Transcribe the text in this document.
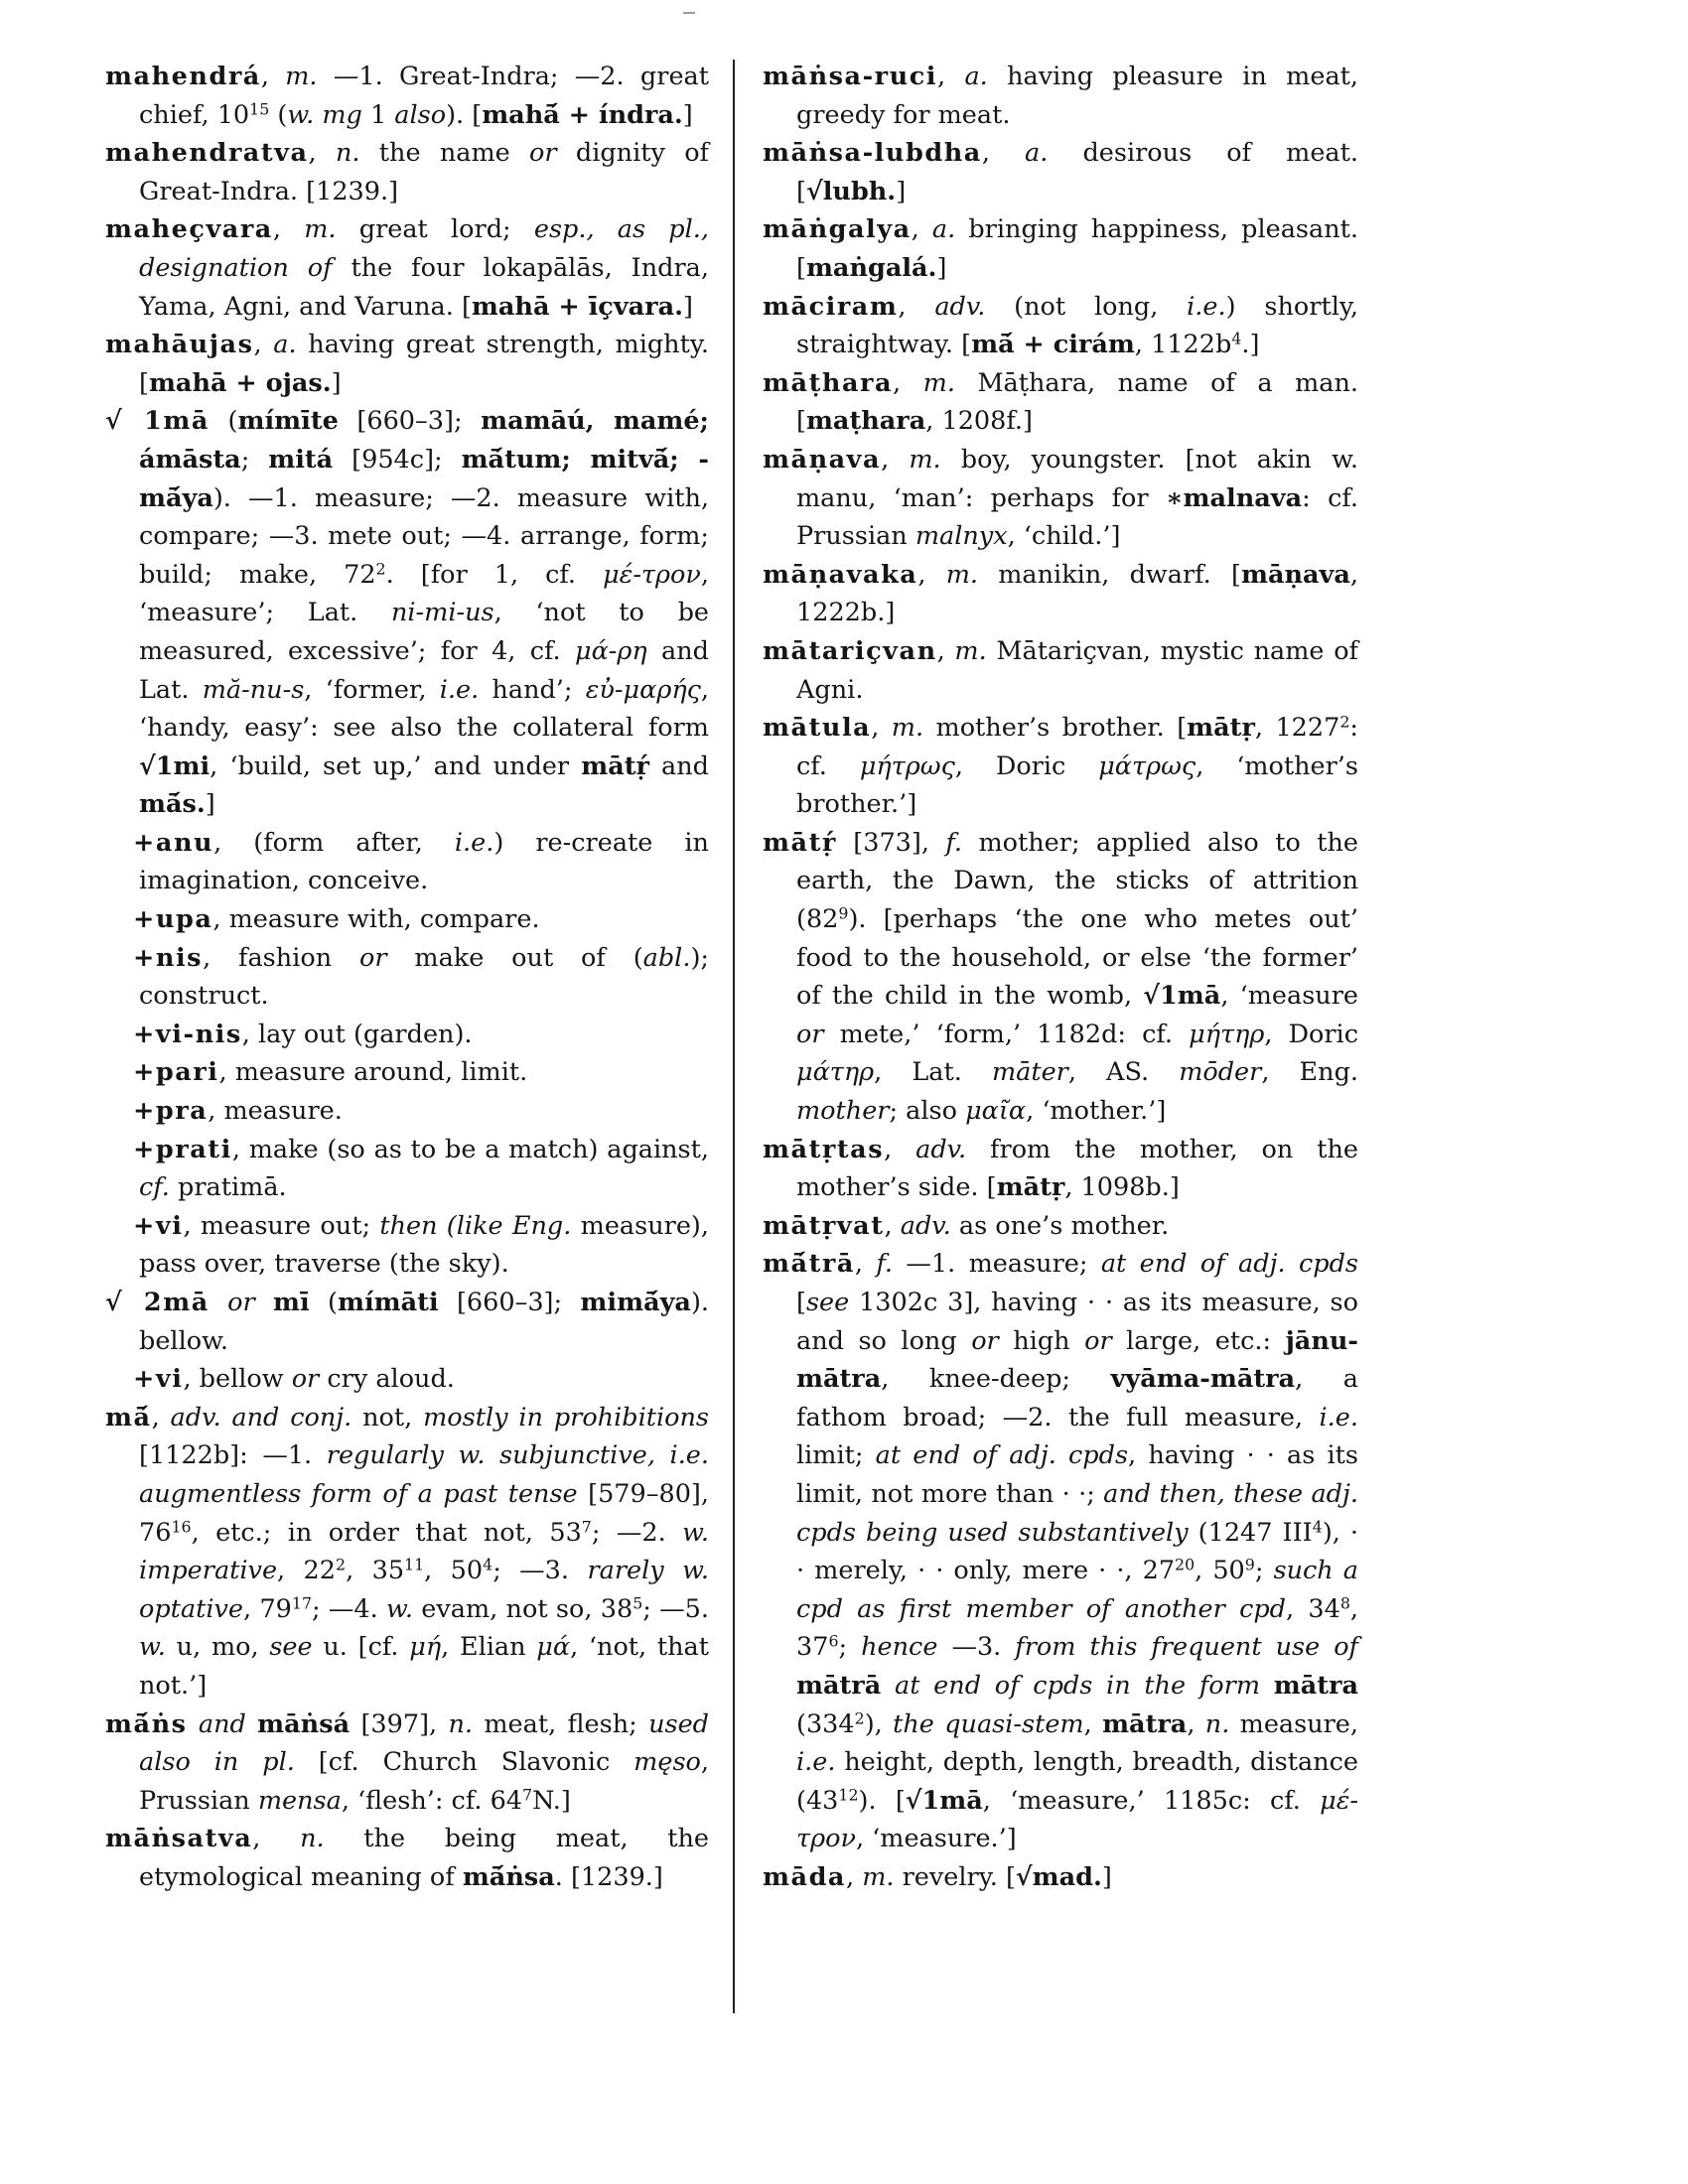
mahendrá, m. —1. Great-Indra; —2. great chief, $10^{15}$ (w. mg 1 also). [mahā́ + índra.]
mahendratva, n. the name or dignity of Great-Indra. [1239.]
maheçvara, m. great lord; esp., as pl., designation of the four lokapālās, Indra, Yama, Agni, and Varuna. [mahā + īçvara.]
mahāujas, a. having great strength, mighty. [mahā + ojas.]
√ 1mā (mímīte [660–3]; mamāú, mamé; ámāsta; mitá [954c]; mā́tum; mitvā́; -mā́ya). —1. measure; —2. measure with, compare; —3. mete out; —4. arrange, form; build; make, $72^2$. [for 1, cf. μέ-τρον, ‘measure’; Lat. ni-mi-us, ‘not to be measured, excessive’; for 4, cf. μά-ρη and Lat. mă-nu-s, ‘former, i.e. hand’; εὐ-μαρής, ‘handy, easy’: see also the collateral form √1mi, ‘build, set up,’ and under mātṛ́ and mā́s.]
+anu, (form after, i.e.) re-create in imagination, conceive.
+upa, measure with, compare.
+nis, fashion or make out of (abl.); construct.
+vi-nis, lay out (garden).
+pari, measure around, limit.
+pra, measure.
+prati, make (so as to be a match) against, cf. pratimā.
+vi, measure out; then (like Eng. measure), pass over, traverse (the sky).
√ 2mā or mī (mímāti [660–3]; mimā́ya). bellow.
+vi, bellow or cry aloud.
mā́, adv. and conj. not, mostly in prohibitions [1122b]: —1. regularly w. subjunctive, i.e. augmentless form of a past tense [579–80], $76^{16}$, etc.; in order that not, $53^7$; —2. w. imperative, $22^2$, $35^{11}$, $50^4$; —3. rarely w. optative, $79^{17}$; —4. w. evam, not so, $38^5$; —5. w. u, mo, see u. [cf. μή, Elian μά, ‘not, that not.’]
mā́ṅs and māṅsá [397], n. meat, flesh; used also in pl. [cf. Church Slavonic męso, Prussian mensa, ‘flesh’: cf. $64^7N$.]
māṅsatva, n. the being meat, the etymological meaning of mā́ṅsa. [1239.]
māṅsa-ruci, a. having pleasure in meat, greedy for meat.
māṅsa-lubdha, a. desirous of meat. [√lubh.]
māṅgalya, a. bringing happiness, pleasant. [maṅgalá.]
māciram, adv. (not long, i.e.) shortly, straightway. [mā́ + cirám, $1122b^4$.]
māṭhara, m. Māṭhara, name of a man. [maṭhara, 1208f.]
māṇava, m. boy, youngster. [not akin w. manu, ‘man’: perhaps for ∗malnava: cf. Prussian malnyx, ‘child.’]
māṇavaka, m. manikin, dwarf. [māṇava, 1222b.]
mātariçvan, m. Mātariçvan, mystic name of Agni.
mātula, m. mother’s brother. [mātṛ, 1227$^2$: cf. μήτρως, Doric μάτρως, ‘mother’s brother.’]
mātṛ́ [373], f. mother; applied also to the earth, the Dawn, the sticks of attrition $(82^9)$. [perhaps ‘the one who metes out’ food to the household, or else ‘the former’ of the child in the womb, √1mā, ‘measure or mete,’ ‘form,’ 1182d: cf. μήτηρ, Doric μάτηρ, Lat. māter, AS. mōder, Eng. mother; also μαῖα, ‘mother.’]
mātṛtas, adv. from the mother, on the mother’s side. [mātṛ, 1098b.]
mātṛvat, adv. as one’s mother.
mā́trā, f. —1. measure; at end of adj. cpds [see 1302c 3], having · · as its measure, so and so long or high or large, etc.: jānu-mātra, knee-deep; vyāma-mātra, a fathom broad; —2. the full measure, i.e. limit; at end of adj. cpds, having · · as its limit, not more than · ·; and then, these adj. cpds being used substantively (1247 $III^4$), · · merely, · · only, mere · ·, $27^{20}$, $50^9$; such a cpd as first member of another cpd, $34^8$, $37^6$; hence —3. from this frequent use of mātrā at end of cpds in the form mātra $(334^2)$, the quasi-stem, mātra, n. measure, i.e. height, depth, length, breadth, distance $(43^{12})$. [√1mā, ‘measure,’ 1185c: cf. μέ-τρον, ‘measure.’]
māda, m. revelry. [√mad.]
